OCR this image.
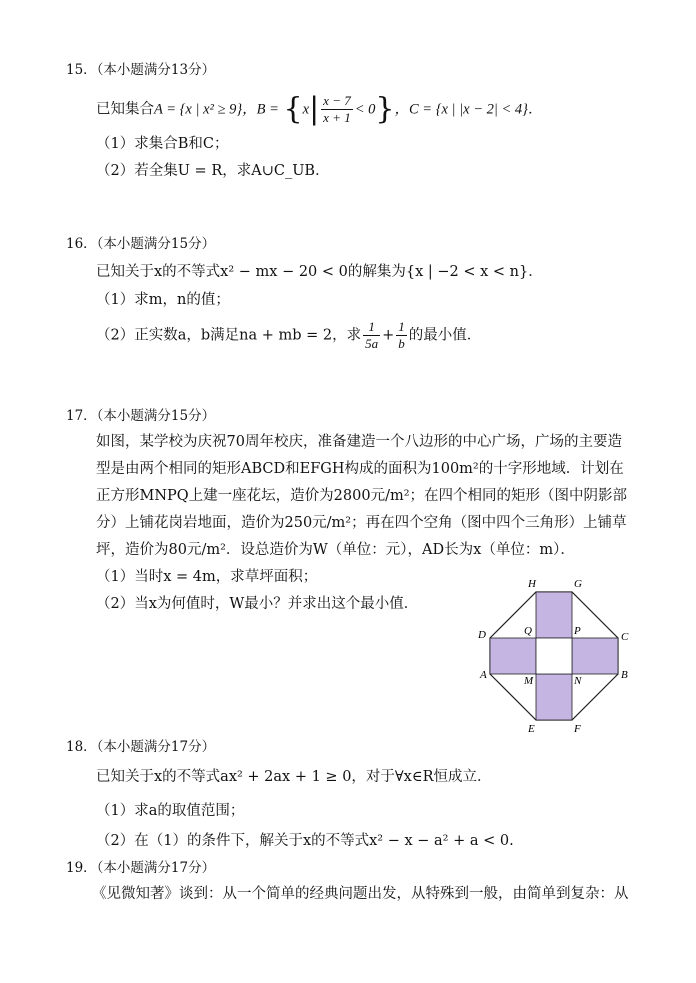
15．（本小题满分13分）
已知集合A = {x | x² ≥ 9}，$B = \{x| \frac{x - 7}{x + 1} < 0\}$，C = {x | |x − 2| < 4}．
（1）求集合B和C；
（2）若全集U = R，求A∪C_UB．
16．（本小题满分15分）
已知关于x的不等式x² − mx − 20 < 0的解集为{x | −2 < x < n}．
（1）求m，n的值；
（2）正实数a，b满足na + mb = 2，求 $\frac{1}{5a} + \frac{1}{b}$ 的最小值．
17．（本小题满分15分）
如图，某学校为庆祝70周年校庆，准备建造一个八边形的中心广场，广场的主要造
型是由两个相同的矩形ABCD和EFGH构成的面积为100m²的十字形地域．计划在
正方形MNPQ上建一座花坛，造价为2800元/m²；在四个相同的矩形（图中阴影部
分）上铺花岗岩地面，造价为250元/m²；再在四个空角（图中四个三角形）上铺草
坪，造价为80元/m²．设总造价为W（单位：元），AD长为x（单位：m）．
（1）当时x = 4m，求草坪面积；
（2）当x为何值时，W最小？并求出这个最小值．
H	G
D	C
Q	P
A	B
M	N
E	F
18．（本小题满分17分）
已知关于x的不等式ax² + 2ax + 1 ≥ 0，对于∀x∈R恒成立．
（1）求a的取值范围；
（2）在（1）的条件下，解关于x的不等式x² − x − a² + a < 0.
19．（本小题满分17分）
《见微知著》谈到：从一个简单的经典问题出发，从特殊到一般，由简单到复杂：从
